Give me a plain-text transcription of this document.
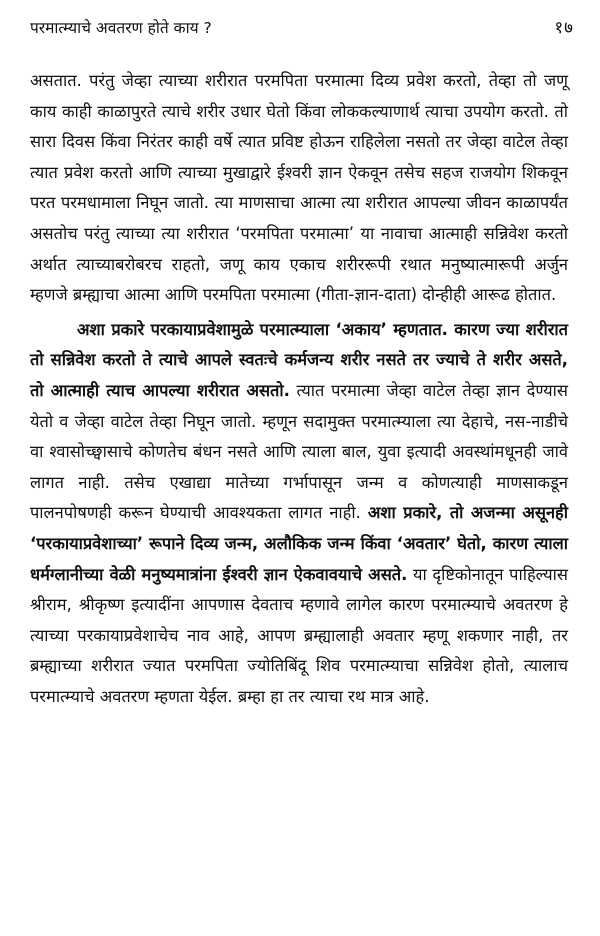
परमात्म्याचे अवतरण होते काय ?	१७

असतात. परंतु जेव्हा त्याच्या शरीरात परमपिता परमात्मा दिव्य प्रवेश करतो, तेव्हा तो जणू काय काही काळापुरते त्याचे शरीर उधार घेतो किंवा लोककल्याणार्थ त्याचा उपयोग करतो. तो सारा दिवस किंवा निरंतर काही वर्षे त्यात प्रविष्ट होऊन राहिलेला नसतो तर जेव्हा वाटेल तेव्हा त्यात प्रवेश करतो आणि त्याच्या मुखाद्वारे ईश्वरी ज्ञान ऐकवून तसेच सहज राजयोग शिकवून परत परमधामाला निघून जातो. त्या माणसाचा आत्मा त्या शरीरात आपल्या जीवन काळापर्यंत असतोच परंतु त्याच्या त्या शरीरात ‘परमपिता परमात्मा’ या नावाचा आत्माही सन्निवेश करतो अर्थात त्याच्याबरोबरच राहतो, जणू काय एकाच शरीररूपी रथात मनुष्यात्मारूपी अर्जुन म्हणजे ब्रम्ह्याचा आत्मा आणि परमपिता परमात्मा (गीता-ज्ञान-दाता) दोन्हीही आरूढ होतात.

अशा प्रकारे परकायाप्रवेशामुळे परमात्म्याला ‘अकाय’ म्हणतात. कारण ज्या शरीरात तो सन्निवेश करतो ते त्याचे आपले स्वतःचे कर्मजन्य शरीर नसते तर ज्याचे ते शरीर असते, तो आत्माही त्याच आपल्या शरीरात असतो. त्यात परमात्मा जेव्हा वाटेल तेव्हा ज्ञान देण्यास येतो व जेव्हा वाटेल तेव्हा निघून जातो. म्हणून सदामुक्त परमात्म्याला त्या देहाचे, नस-नाडीचे वा श्वासोच्छ्वासाचे कोणतेच बंधन नसते आणि त्याला बाल, युवा इत्यादी अवस्थांमधूनही जावे लागत नाही. तसेच एखाद्या मातेच्या गर्भापासून जन्म व कोणत्याही माणसाकडून पालनपोषणही करून घेण्याची आवश्यकता लागत नाही. अशा प्रकारे, तो अजन्मा असूनही ‘परकायाप्रवेशाच्या’ रूपाने दिव्य जन्म, अलौकिक जन्म किंवा ‘अवतार’ घेतो, कारण त्याला धर्मग्लानीच्या वेळी मनुष्यमात्रांना ईश्वरी ज्ञान ऐकवावयाचे असते. या दृष्टिकोनातून पाहिल्यास श्रीराम, श्रीकृष्ण इत्यादींना आपणास देवताच म्हणावे लागेल कारण परमात्म्याचे अवतरण हे त्याच्या परकायाप्रवेशाचेच नाव आहे, आपण ब्रम्ह्यालाही अवतार म्हणू शकणार नाही, तर ब्रम्ह्याच्या शरीरात ज्यात परमपिता ज्योतिबिंदू शिव परमात्म्याचा सन्निवेश होतो, त्यालाच परमात्म्याचे अवतरण म्हणता येईल. ब्रम्हा हा तर त्याचा रथ मात्र आहे.
